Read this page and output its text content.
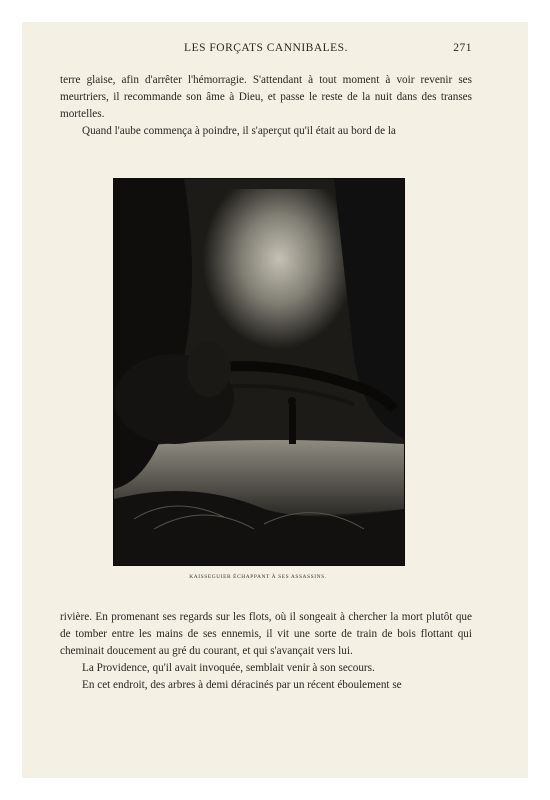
LES FORÇATS CANNIBALES.	271
terre glaise, afin d'arrêter l'hémorragie. S'attendant à tout moment à voir revenir ses meurtriers, il recommande son âme à Dieu, et passe le reste de la nuit dans des transes mortelles.
Quand l'aube commença à poindre, il s'aperçut qu'il était au bord de la
KAISSEGUIER ÉCHAPPANT À SES ASSASSINS.
rivière. En promenant ses regards sur les flots, où il songeait à chercher la mort plutôt que de tomber entre les mains de ses ennemis, il vit une sorte de train de bois flottant qui cheminait doucement au gré du courant, et qui s'avançait vers lui.
La Providence, qu'il avait invoquée, semblait venir à son secours.
En cet endroit, des arbres à demi déracinés par un récent éboulement se
